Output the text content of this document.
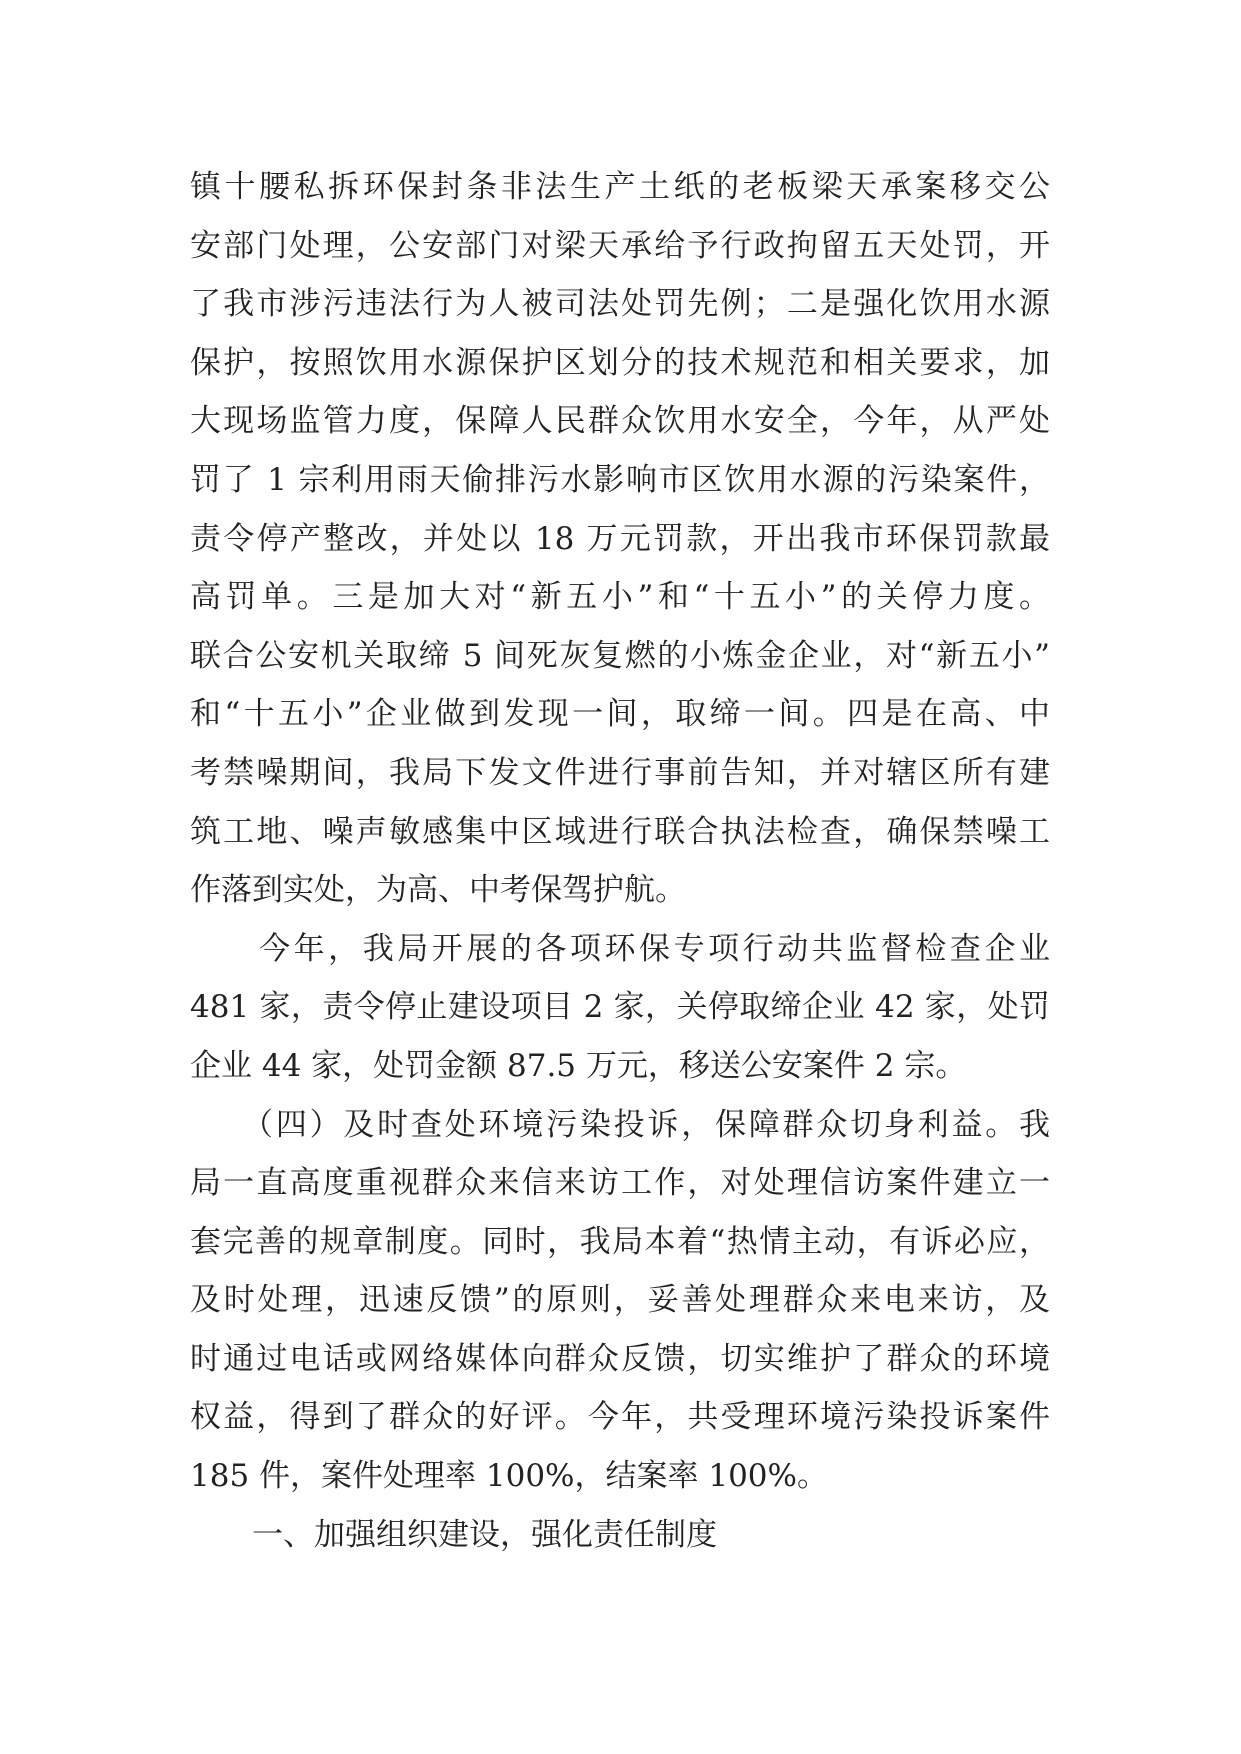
镇十腰私拆环保封条非法生产土纸的老板梁天承案移交公
安部门处理，公安部门对梁天承给予行政拘留五天处罚，开
了我市涉污违法行为人被司法处罚先例；二是强化饮用水源
保护，按照饮用水源保护区划分的技术规范和相关要求，加
大现场监管力度，保障人民群众饮用水安全，今年，从严处
罚了 1 宗利用雨天偷排污水影响市区饮用水源的污染案件，
责令停产整改，并处以 18 万元罚款，开出我市环保罚款最
高罚单。三是加大对“新五小”和“十五小”的关停力度。
联合公安机关取缔 5 间死灰复燃的小炼金企业，对“新五小”
和“十五小”企业做到发现一间，取缔一间。四是在高、中
考禁噪期间，我局下发文件进行事前告知，并对辖区所有建
筑工地、噪声敏感集中区域进行联合执法检查，确保禁噪工
作落到实处，为高、中考保驾护航。
　　今年，我局开展的各项环保专项行动共监督检查企业
481 家，责令停止建设项目 2 家，关停取缔企业 42 家，处罚
企业 44 家，处罚金额 87.5 万元，移送公安案件 2 宗。
　　（四）及时查处环境污染投诉，保障群众切身利益。我
局一直高度重视群众来信来访工作，对处理信访案件建立一
套完善的规章制度。同时，我局本着“热情主动，有诉必应，
及时处理，迅速反馈”的原则，妥善处理群众来电来访，及
时通过电话或网络媒体向群众反馈，切实维护了群众的环境
权益，得到了群众的好评。今年，共受理环境污染投诉案件
185 件，案件处理率 100%，结案率 100%。
　　一、加强组织建设，强化责任制度
